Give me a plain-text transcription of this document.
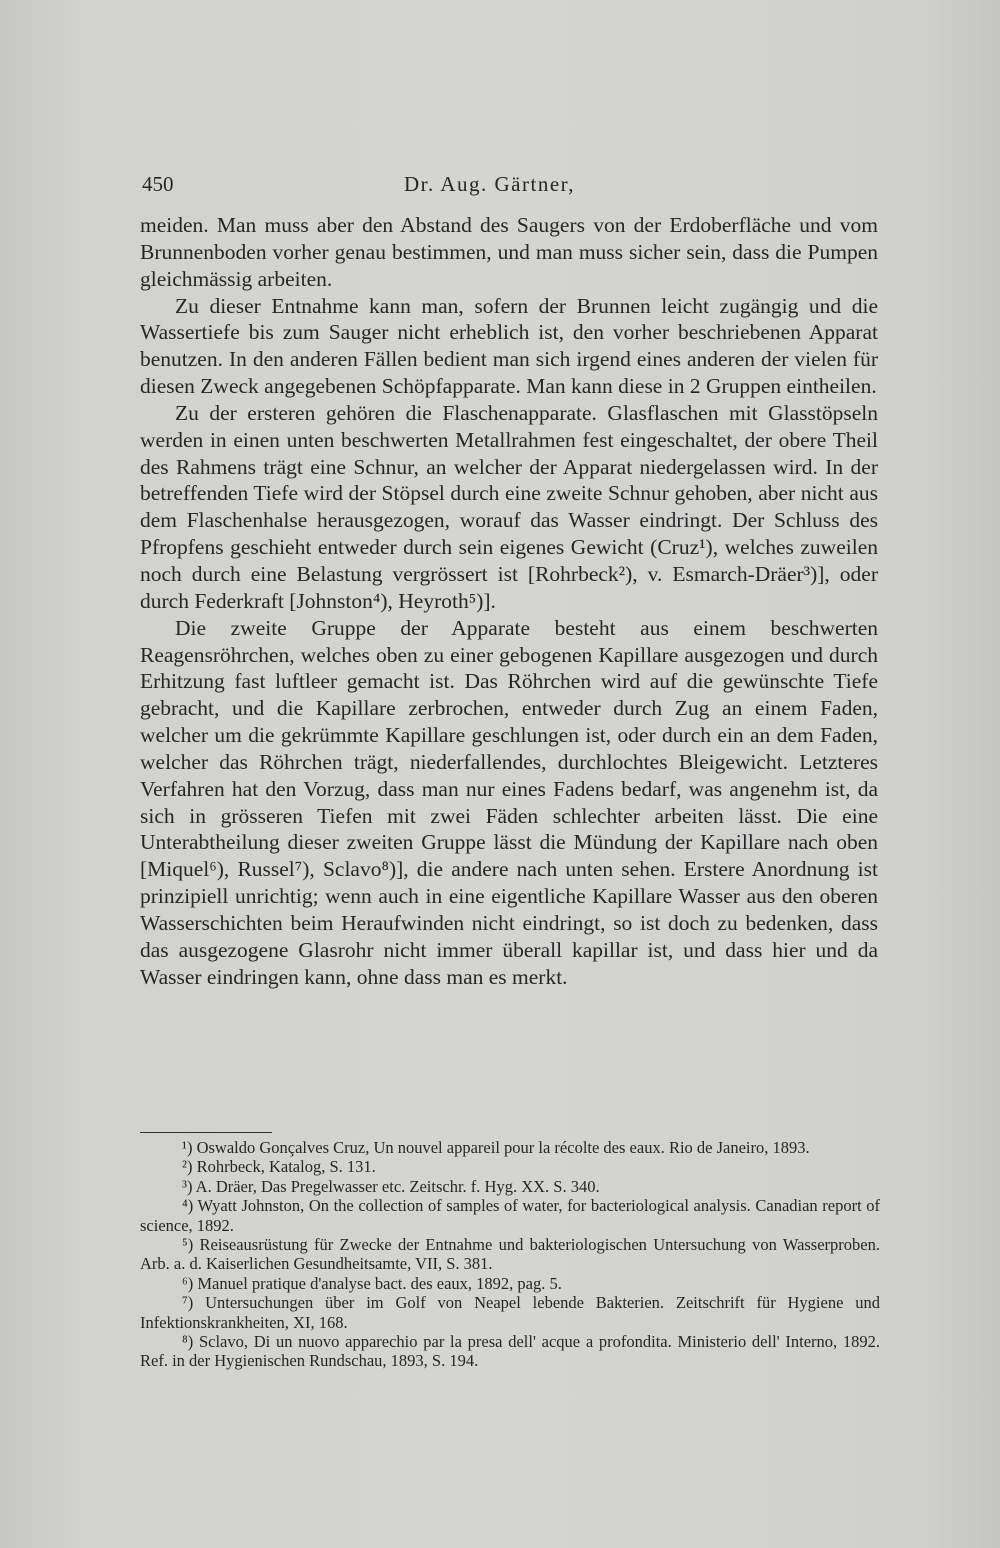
450	Dr. Aug. Gärtner,

meiden. Man muss aber den Abstand des Saugers von der Erdoberfläche und vom Brunnenboden vorher genau bestimmen, und man muss sicher sein, dass die Pumpen gleichmässig arbeiten.

Zu dieser Entnahme kann man, sofern der Brunnen leicht zugängig und die Wassertiefe bis zum Sauger nicht erheblich ist, den vorher beschriebenen Apparat benutzen. In den anderen Fällen bedient man sich irgend eines anderen der vielen für diesen Zweck angegebenen Schöpfapparate. Man kann diese in 2 Gruppen eintheilen.

Zu der ersteren gehören die Flaschenapparate. Glasflaschen mit Glasstöpseln werden in einen unten beschwerten Metallrahmen fest eingeschaltet, der obere Theil des Rahmens trägt eine Schnur, an welcher der Apparat niedergelassen wird. In der betreffenden Tiefe wird der Stöpsel durch eine zweite Schnur gehoben, aber nicht aus dem Flaschenhalse herausgezogen, worauf das Wasser eindringt. Der Schluss des Pfropfens geschieht entweder durch sein eigenes Gewicht (Cruz¹), welches zuweilen noch durch eine Belastung vergrössert ist [Rohrbeck²), v. Esmarch-Dräer³)], oder durch Federkraft [Johnston⁴), Heyroth⁵)].

Die zweite Gruppe der Apparate besteht aus einem beschwerten Reagensröhrchen, welches oben zu einer gebogenen Kapillare ausgezogen und durch Erhitzung fast luftleer gemacht ist. Das Röhrchen wird auf die gewünschte Tiefe gebracht, und die Kapillare zerbrochen, entweder durch Zug an einem Faden, welcher um die gekrümmte Kapillare geschlungen ist, oder durch ein an dem Faden, welcher das Röhrchen trägt, niederfallendes, durchlochtes Bleigewicht. Letzteres Verfahren hat den Vorzug, dass man nur eines Fadens bedarf, was angenehm ist, da sich in grösseren Tiefen mit zwei Fäden schlechter arbeiten lässt. Die eine Unterabtheilung dieser zweiten Gruppe lässt die Mündung der Kapillare nach oben [Miquel⁶), Russel⁷), Sclavo⁸)], die andere nach unten sehen. Erstere Anordnung ist prinzipiell unrichtig; wenn auch in eine eigentliche Kapillare Wasser aus den oberen Wasserschichten beim Heraufwinden nicht eindringt, so ist doch zu bedenken, dass das ausgezogene Glasrohr nicht immer überall kapillar ist, und dass hier und da Wasser eindringen kann, ohne dass man es merkt.

¹) Oswaldo Gonçalves Cruz, Un nouvel appareil pour la récolte des eaux. Rio de Janeiro, 1893.

²) Rohrbeck, Katalog, S. 131.

³) A. Dräer, Das Pregelwasser etc. Zeitschr. f. Hyg. XX. S. 340.

⁴) Wyatt Johnston, On the collection of samples of water, for bacteriological analysis. Canadian report of science, 1892.

⁵) Reiseausrüstung für Zwecke der Entnahme und bakteriologischen Untersuchung von Wasserproben. Arb. a. d. Kaiserlichen Gesundheitsamte, VII, S. 381.

⁶) Manuel pratique d'analyse bact. des eaux, 1892, pag. 5.

⁷) Untersuchungen über im Golf von Neapel lebende Bakterien. Zeitschrift für Hygiene und Infektionskrankheiten, XI, 168.

⁸) Sclavo, Di un nuovo apparechio par la presa dell' acque a profondita. Ministerio dell' Interno, 1892. Ref. in der Hygienischen Rundschau, 1893, S. 194.
